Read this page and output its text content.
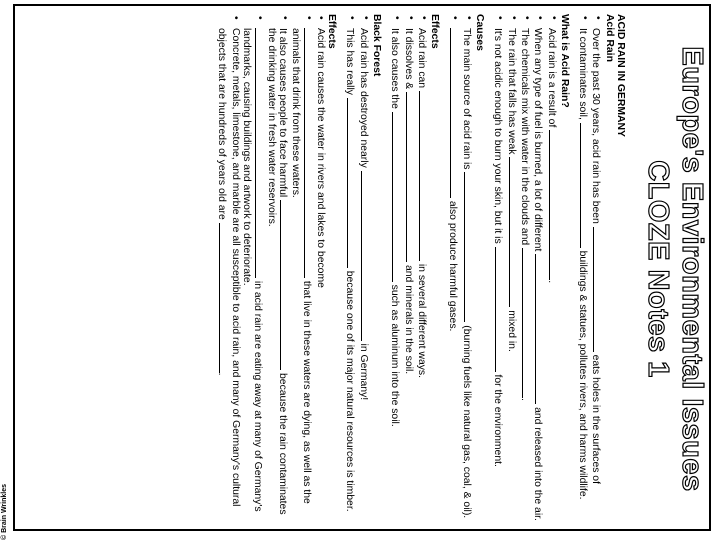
Europe's Environmental Issues
CLOZE Notes 1

ACID RAIN IN GERMANY

Acid Rain

• Over the past 30 years, acid rain has been  eats holes in the surfaces of
• It contaminates soil,  buildings & statues, pollutes rivers, and harms wildlife.

What is Acid Rain?

• Acid rain is a result of .
• When any type of fuel is burned, a lot of different  and released into the air.
• The chemicals mix with water in the clouds and .
• The rain that falls has weak  mixed in.
• It's not acidic enough to burn your skin, but it is  for the environment.

Causes

• The main source of acid rain is  (burning fuels like natural gas, coal, & oil).
• also produce harmful gases.

Effects

• Acid rain can  in several different ways.
• It dissolves &  and minerals in the soil.
• It also causes the  such as aluminum into the soil.

Black Forest

• Acid rain has destroyed nearly  in Germany!
• This has really  because one of its major natural resources is timber.

Effects

• Acid rain causes the water in rivers and lakes to become
• that live in these waters are dying, as well as the animals that drink from these waters.
• It also causes people to face harmful  because the rain contaminates the drinking water in fresh water reservoirs.
• in acid rain are eating away at many of Germany's landmarks, causing buildings and artwork to deteriorate.
• Concrete, metals, limestone, and marble are all susceptible to acid rain, and many of Germany's cultural objects that are hundreds of years old are .
© Brain Wrinkles
